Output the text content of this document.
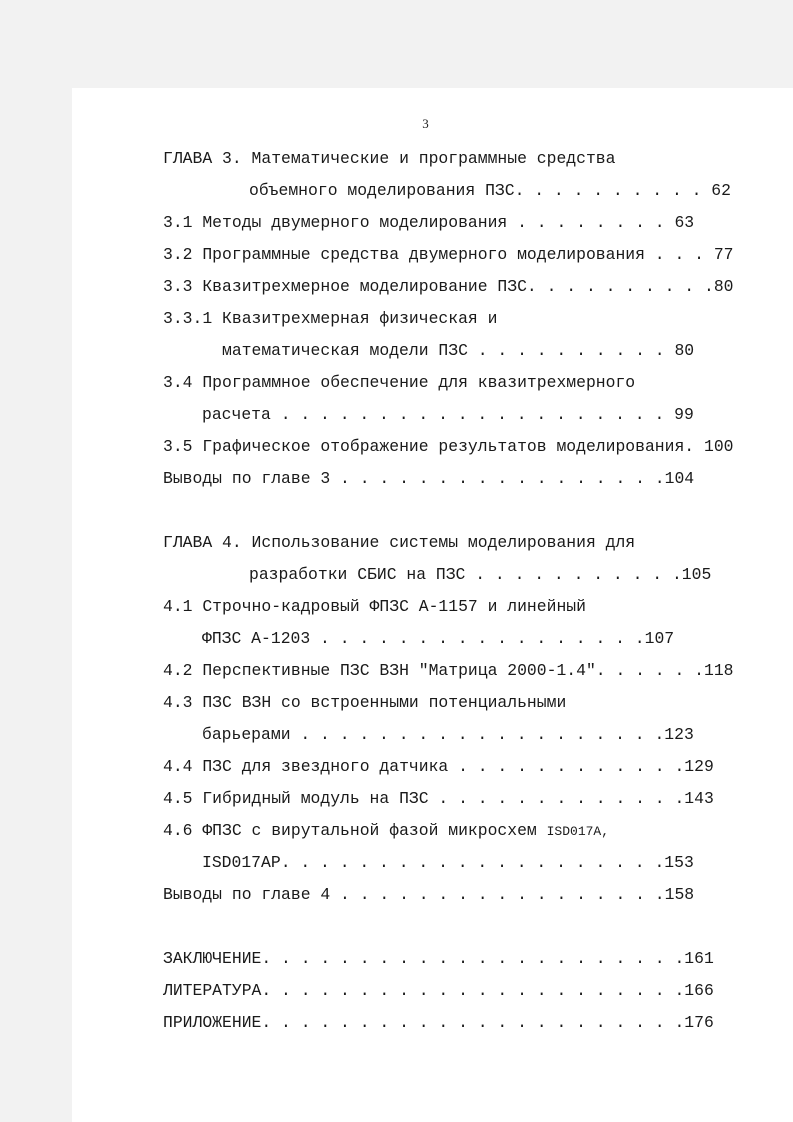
3
ГЛАВА 3. Математические и программные средства
объемного моделирования ПЗС. . . . . . . . . . 62
3.1 Методы двумерного моделирования . . . . . . . . 63
3.2 Программные средства двумерного моделирования . . . 77
3.3 Квазитрехмерное моделирование ПЗС. . . . . . . . . .80
3.3.1 Квазитрехмерная физическая и
математическая модели ПЗС . . . . . . . . . . 80
3.4 Программное обеспечение для квазитрехмерного
расчета . . . . . . . . . . . . . . . . . . . . 99
3.5 Графическое отображение результатов моделирования. 100
Выводы по главе 3 . . . . . . . . . . . . . . . . .104
ГЛАВА 4. Использование системы моделирования для
разработки СБИС на ПЗС . . . . . . . . . . .105
4.1 Строчно-кадровый ФПЗС А-1157 и линейный
ФПЗС А-1203 . . . . . . . . . . . . . . . . .107
4.2 Перспективные ПЗС ВЗН "Матрица 2000-1.4". . . . . .118
4.3 ПЗС ВЗН со встроенными потенциальными
барьерами . . . . . . . . . . . . . . . . . . .123
4.4 ПЗС для звездного датчика . . . . . . . . . . . .129
4.5 Гибридный модуль на ПЗС . . . . . . . . . . . . .143
4.6 ФПЗС с вирутальной фазой микросхем ISD017A,
ISD017AP. . . . . . . . . . . . . . . . . . . .153
Выводы по главе 4 . . . . . . . . . . . . . . . . .158
ЗАКЛЮЧЕНИЕ. . . . . . . . . . . . . . . . . . . . . .161
ЛИТЕРАТУРА. . . . . . . . . . . . . . . . . . . . . .166
ПРИЛОЖЕНИЕ. . . . . . . . . . . . . . . . . . . . . .176
